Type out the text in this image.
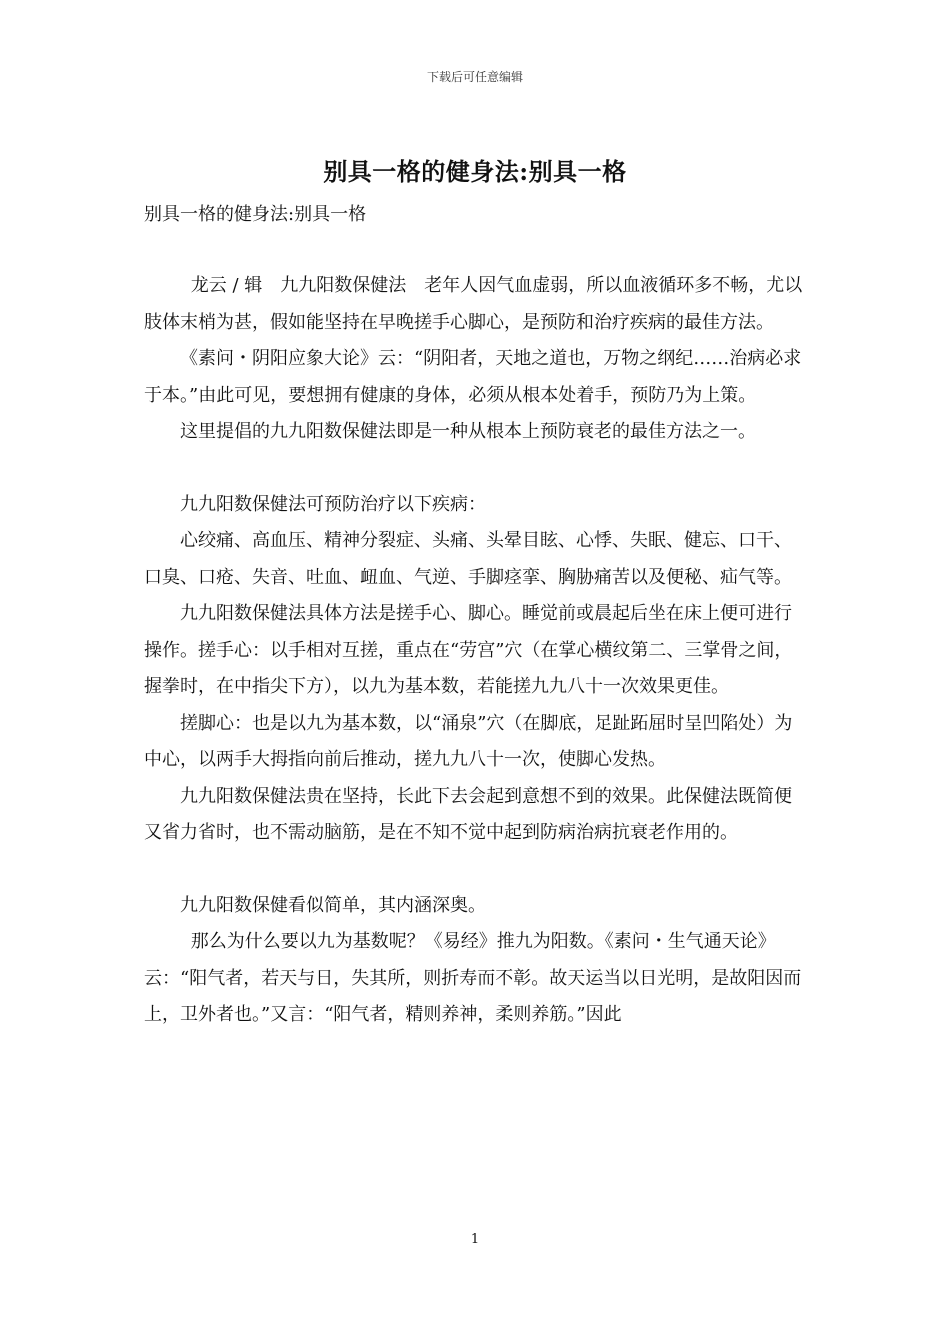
下载后可任意编辑
别具一格的健身法:别具一格
别具一格的健身法:别具一格

龙云 / 辑　九九阳数保健法　老年人因气血虚弱，所以血液循环多不畅，尤以肢体末梢为甚，假如能坚持在早晚搓手心脚心，是预防和治疗疾病的最佳方法。

《素问・阴阳应象大论》云：“阴阳者，天地之道也，万物之纲纪……治病必求于本。”由此可见，要想拥有健康的身体，必须从根本处着手，预防乃为上策。

这里提倡的九九阳数保健法即是一种从根本上预防衰老的最佳方法之一。

九九阳数保健法可预防治疗以下疾病：

心绞痛、高血压、精神分裂症、头痛、头晕目眩、心悸、失眠、健忘、口干、口臭、口疮、失音、吐血、衄血、气逆、手脚痉挛、胸胁痛苦以及便秘、疝气等。

九九阳数保健法具体方法是搓手心、脚心。睡觉前或晨起后坐在床上便可进行操作。搓手心：以手相对互搓，重点在“劳宫”穴（在掌心横纹第二、三掌骨之间，握拳时，在中指尖下方），以九为基本数，若能搓九九八十一次效果更佳。

搓脚心：也是以九为基本数，以“涌泉”穴（在脚底，足趾跖屈时呈凹陷处）为中心，以两手大拇指向前后推动，搓九九八十一次，使脚心发热。

九九阳数保健法贵在坚持，长此下去会起到意想不到的效果。此保健法既简便又省力省时，也不需动脑筋，是在不知不觉中起到防病治病抗衰老作用的。

九九阳数保健看似简单，其内涵深奥。

那么为什么要以九为基数呢？《易经》推九为阳数。《素问・生气通天论》云：“阳气者，若天与日，失其所，则折寿而不彰。故天运当以日光明，是故阳因而上，卫外者也。”又言：“阳气者，精则养神，柔则养筋。”因此

1
